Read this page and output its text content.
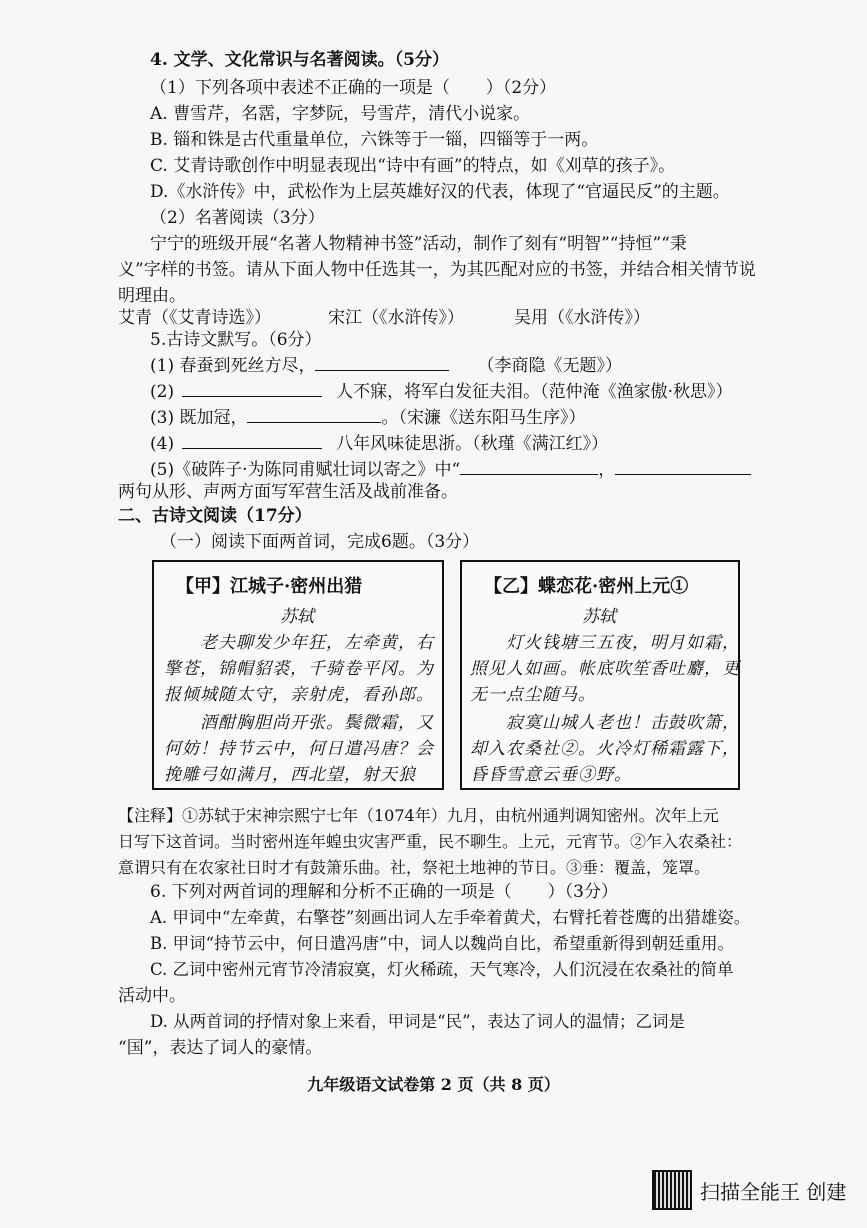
4. 文学、文化常识与名著阅读。（5分）
（1）下列各项中表述不正确的一项是（ ）（2分）
A. 曹雪芹，名霑，字梦阮，号雪芹，清代小说家。
B. 锱和铢是古代重量单位，六铢等于一锱，四锱等于一两。
C. 艾青诗歌创作中明显表现出“诗中有画”的特点，如《刈草的孩子》。
D.《水浒传》中，武松作为上层英雄好汉的代表，体现了“官逼民反”的主题。
（2）名著阅读（3分）
宁宁的班级开展“名著人物精神书签”活动，制作了刻有“明智”“持恒”“秉
义”字样的书签。请从下面人物中任选其一，为其匹配对应的书签，并结合相关情节说
明理由。
艾青（《艾青诗选》）	宋江（《水浒传》）	吴用（《水浒传》）
5.古诗文默写。（6分）
(1) 春蚕到死丝方尽，	（李商隐《无题》）
(2)	人不寐，将军白发征夫泪。（范仲淹《渔家傲·秋思》）
(3) 既加冠，	。（宋濂《送东阳马生序》）
(4)	八年风味徒思浙。（秋瑾《满江红》）
(5)《破阵子·为陈同甫赋壮词以寄之》中“	，
两句从形、声两方面写军营生活及战前准备。
二、古诗文阅读（17分）
（一）阅读下面两首词，完成6题。（3分）
【甲】江城子·密州出猎
苏轼
老夫聊发少年狂，左牵黄，右
擎苍，锦帽貂裘，千骑卷平冈。为
报倾城随太守，亲射虎，看孙郎。
酒酣胸胆尚开张。鬓微霜，又
何妨！持节云中，何日遣冯唐？会
挽雕弓如满月，西北望，射天狼
【乙】蝶恋花·密州上元①
苏轼
灯火钱塘三五夜，明月如霜，
照见人如画。帐底吹笙香吐麝，更
无一点尘随马。
寂寞山城人老也！击鼓吹箫，
却入农桑社②。火冷灯稀霜露下，
昏昏雪意云垂③野。
【注释】①苏轼于宋神宗熙宁七年（1074年）九月，由杭州通判调知密州。次年上元
日写下这首词。当时密州连年蝗虫灾害严重，民不聊生。上元，元宵节。②乍入农桑社：
意谓只有在农家社日时才有鼓箫乐曲。社，祭祀土地神的节日。③垂：覆盖，笼罩。
6. 下列对两首词的理解和分析不正确的一项是（ ）（3分）
A. 甲词中“左牵黄，右擎苍”刻画出词人左手牵着黄犬，右臂托着苍鹰的出猎雄姿。
B. 甲词“持节云中，何日遣冯唐”中，词人以魏尚自比，希望重新得到朝廷重用。
C. 乙词中密州元宵节冷清寂寞，灯火稀疏，天气寒冷，人们沉浸在农桑社的简单
活动中。
D. 从两首词的抒情对象上来看，甲词是“民”，表达了词人的温情；乙词是
“国”，表达了词人的豪情。
九年级语文试卷第 2 页（共 8 页）
扫描全能王 创建
